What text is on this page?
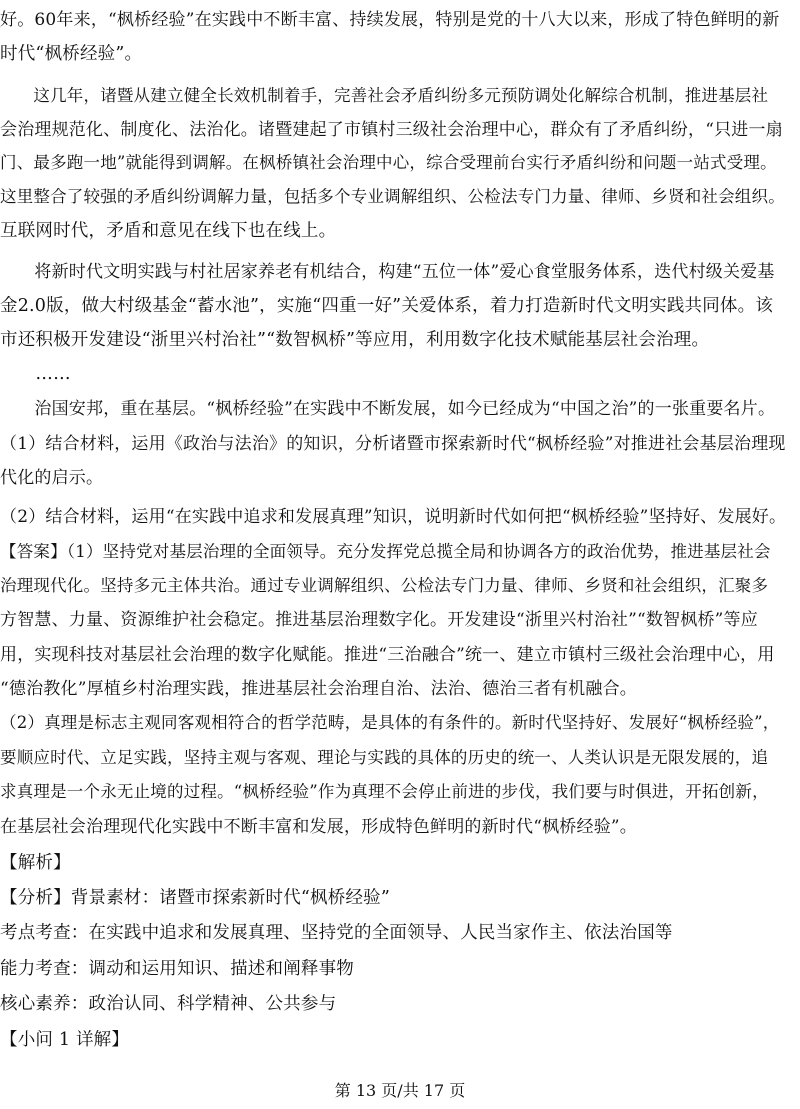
好。60年来，“枫桥经验”在实践中不断丰富、持续发展，特别是党的十八大以来，形成了特色鲜明的新
时代“枫桥经验”。
　　这几年，诸暨从建立健全长效机制着手，完善社会矛盾纠纷多元预防调处化解综合机制，推进基层社
会治理规范化、制度化、法治化。诸暨建起了市镇村三级社会治理中心，群众有了矛盾纠纷，“只进一扇
门、最多跑一地”就能得到调解。在枫桥镇社会治理中心，综合受理前台实行矛盾纠纷和问题一站式受理。
这里整合了较强的矛盾纠纷调解力量，包括多个专业调解组织、公检法专门力量、律师、乡贤和社会组织。
互联网时代，矛盾和意见在线下也在线上。
　　将新时代文明实践与村社居家养老有机结合，构建“五位一体”爱心食堂服务体系，迭代村级关爱基
金2.0版，做大村级基金“蓄水池”，实施“四重一好”关爱体系，着力打造新时代文明实践共同体。该
市还积极开发建设“浙里兴村治社”“数智枫桥”等应用，利用数字化技术赋能基层社会治理。
　　……
　　治国安邦，重在基层。“枫桥经验”在实践中不断发展，如今已经成为“中国之治”的一张重要名片。
（1）结合材料，运用《政治与法治》的知识，分析诸暨市探索新时代“枫桥经验”对推进社会基层治理现
代化的启示。
（2）结合材料，运用“在实践中追求和发展真理”知识，说明新时代如何把“枫桥经验”坚持好、发展好。
【答案】（1）坚持党对基层治理的全面领导。充分发挥党总揽全局和协调各方的政治优势，推进基层社会
治理现代化。坚持多元主体共治。通过专业调解组织、公检法专门力量、律师、乡贤和社会组织，汇聚多
方智慧、力量、资源维护社会稳定。推进基层治理数字化。开发建设“浙里兴村治社”“数智枫桥”等应
用，实现科技对基层社会治理的数字化赋能。推进“三治融合”统一、建立市镇村三级社会治理中心，用
“德治教化”厚植乡村治理实践，推进基层社会治理自治、法治、德治三者有机融合。
（2）真理是标志主观同客观相符合的哲学范畴，是具体的有条件的。新时代坚持好、发展好“枫桥经验”，
要顺应时代、立足实践，坚持主观与客观、理论与实践的具体的历史的统一、人类认识是无限发展的，追
求真理是一个永无止境的过程。“枫桥经验”作为真理不会停止前进的步伐，我们要与时俱进，开拓创新，
在基层社会治理现代化实践中不断丰富和发展，形成特色鲜明的新时代“枫桥经验”。
【解析】
【分析】背景素材：诸暨市探索新时代“枫桥经验”
考点考查：在实践中追求和发展真理、坚持党的全面领导、人民当家作主、依法治国等
能力考查：调动和运用知识、描述和阐释事物
核心素养：政治认同、科学精神、公共参与
【小问 1 详解】
第 13 页/共 17 页
